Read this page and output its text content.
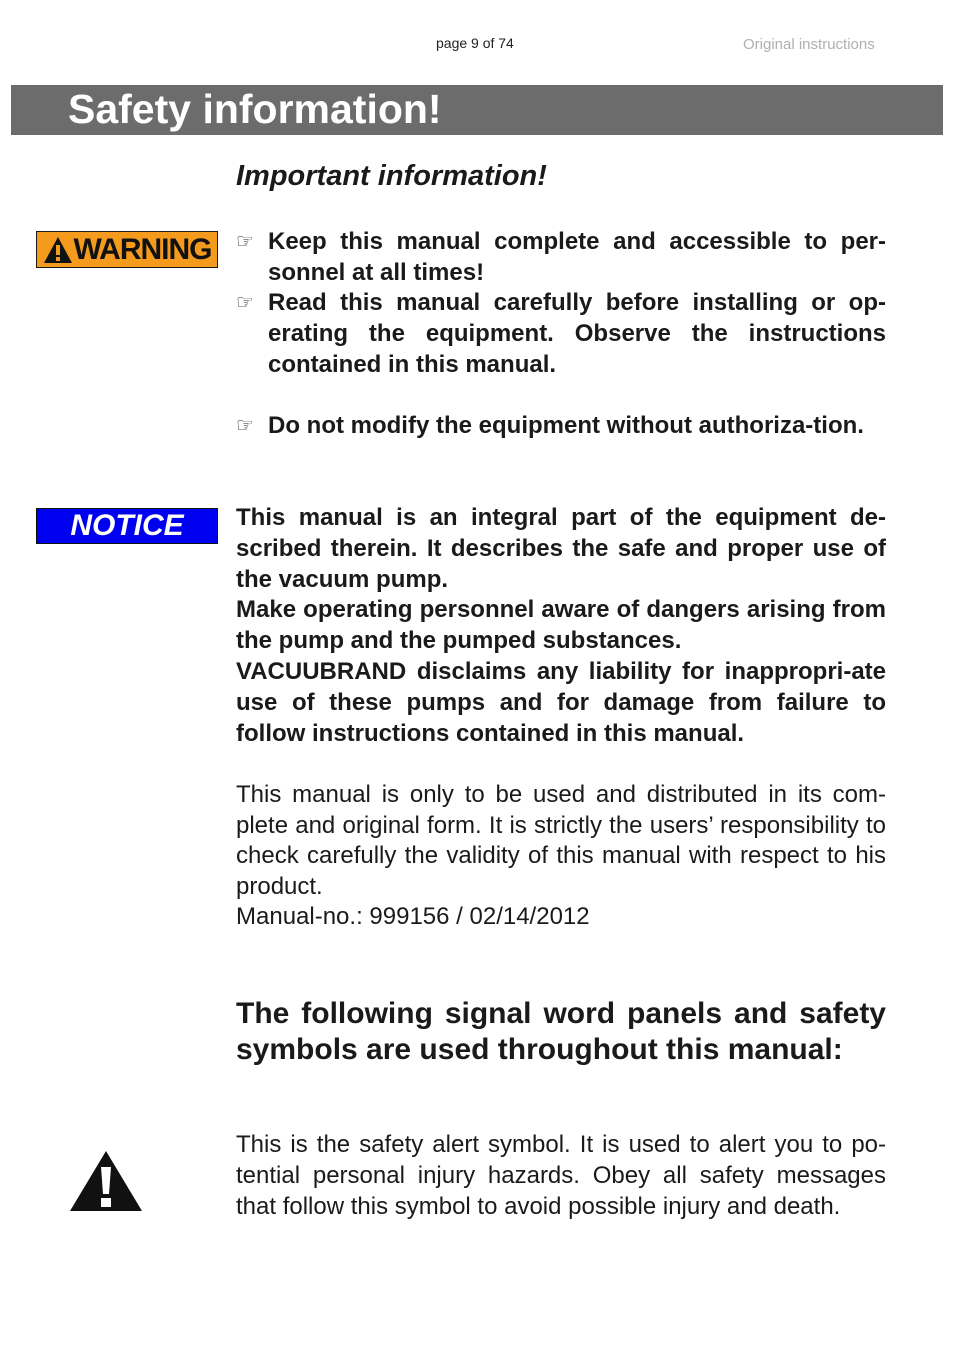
page 9 of 74	Original instructions
Safety information!
Important information!
WARNING ☞ Keep this manual complete and accessible to per-sonnel at all times!
☞ Read this manual carefully before installing or op-erating the equipment. Observe the instructions contained in this manual.
☞ Do not modify the equipment without authoriza-tion.
NOTICE This manual is an integral part of the equipment de-scribed therein. It describes the safe and proper use of the vacuum pump.

Make operating personnel aware of dangers arising from the pump and the pumped substances.

VACUUBRAND disclaims any liability for inappropri-ate use of these pumps and for damage from failure to follow instructions contained in this manual.

This manual is only to be used and distributed in its com-plete and original form. It is strictly the users’ responsibility to check carefully the validity of this manual with respect to his product.

Manual-no.: 999156 / 02/14/2012

The following signal word panels and safety symbols are used throughout this manual:

This is the safety alert symbol. It is used to alert you to po-tential personal injury hazards. Obey all safety messages that follow this symbol to avoid possible injury and death.
